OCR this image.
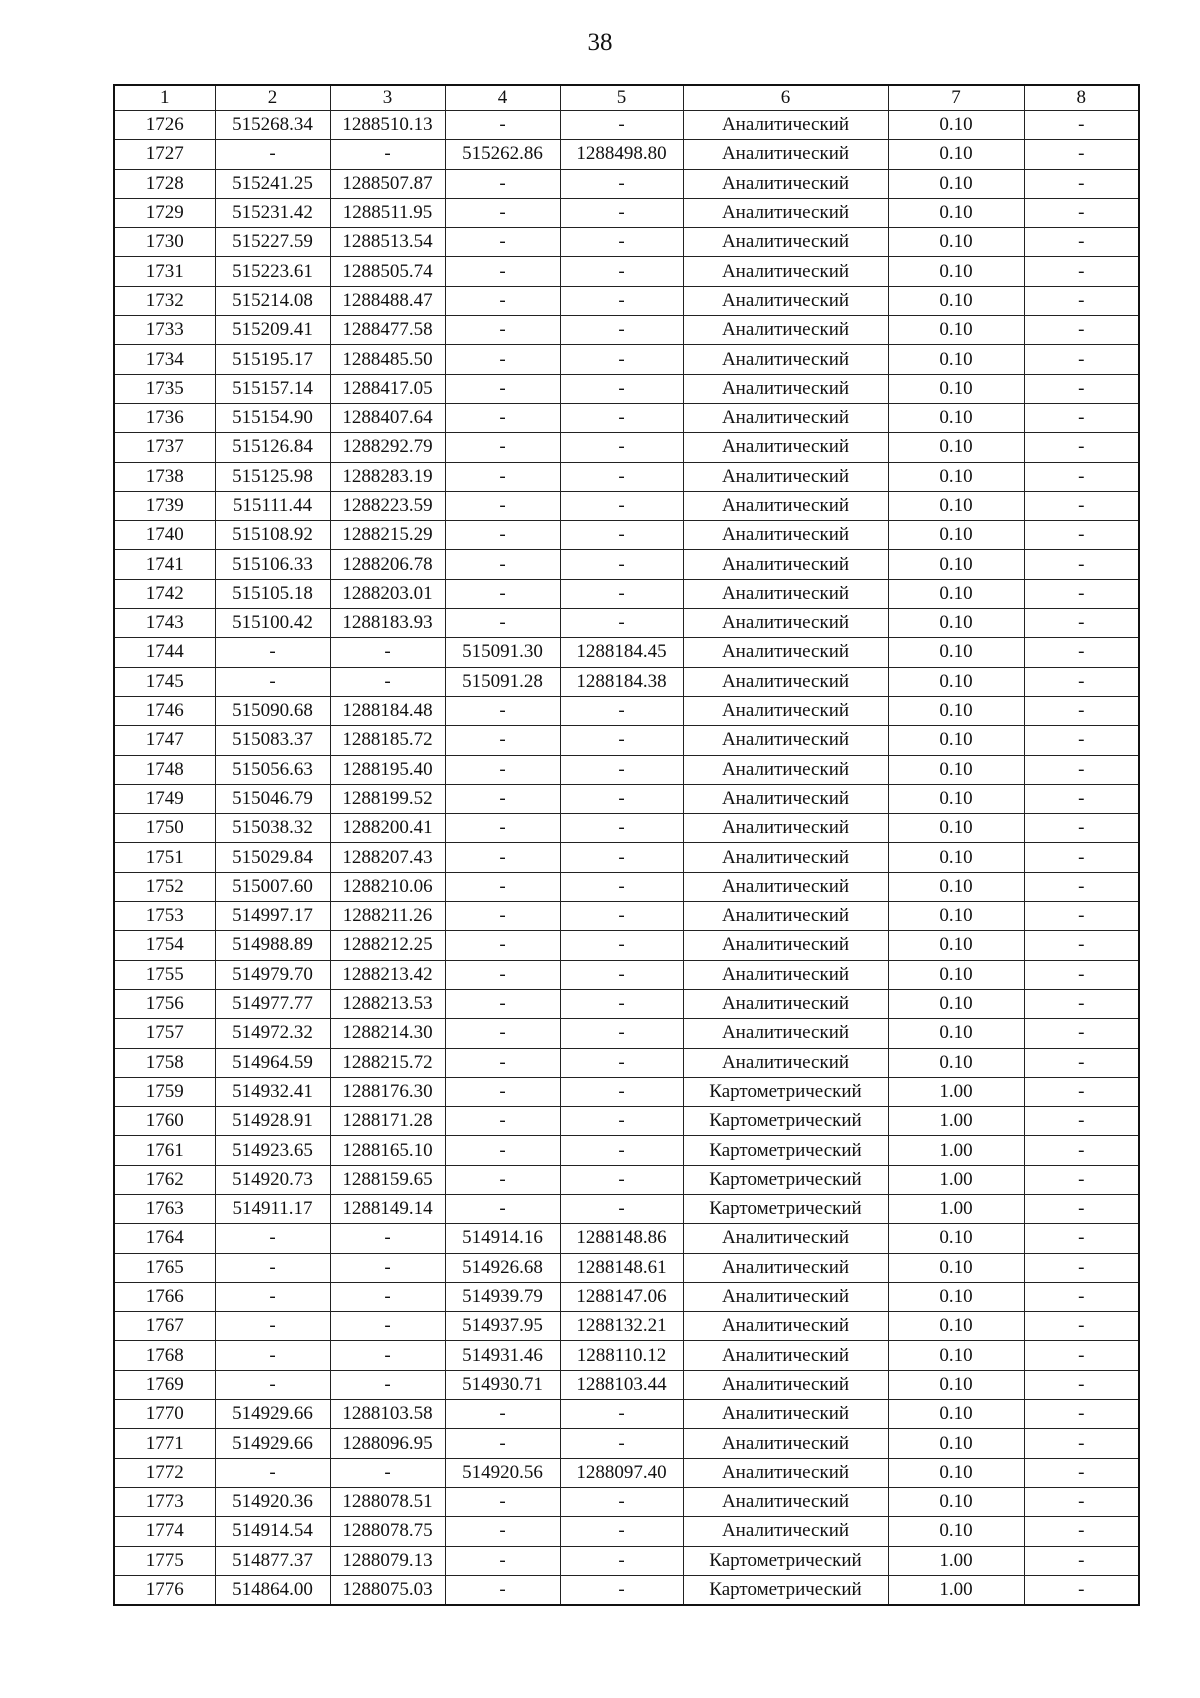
38
1	2	3	4	5	6	7	8
1726	515268.34	1288510.13	-	-	Аналитический	0.10	-
1727	-	-	515262.86	1288498.80	Аналитический	0.10	-
1728	515241.25	1288507.87	-	-	Аналитический	0.10	-
1729	515231.42	1288511.95	-	-	Аналитический	0.10	-
1730	515227.59	1288513.54	-	-	Аналитический	0.10	-
1731	515223.61	1288505.74	-	-	Аналитический	0.10	-
1732	515214.08	1288488.47	-	-	Аналитический	0.10	-
1733	515209.41	1288477.58	-	-	Аналитический	0.10	-
1734	515195.17	1288485.50	-	-	Аналитический	0.10	-
1735	515157.14	1288417.05	-	-	Аналитический	0.10	-
1736	515154.90	1288407.64	-	-	Аналитический	0.10	-
1737	515126.84	1288292.79	-	-	Аналитический	0.10	-
1738	515125.98	1288283.19	-	-	Аналитический	0.10	-
1739	515111.44	1288223.59	-	-	Аналитический	0.10	-
1740	515108.92	1288215.29	-	-	Аналитический	0.10	-
1741	515106.33	1288206.78	-	-	Аналитический	0.10	-
1742	515105.18	1288203.01	-	-	Аналитический	0.10	-
1743	515100.42	1288183.93	-	-	Аналитический	0.10	-
1744	-	-	515091.30	1288184.45	Аналитический	0.10	-
1745	-	-	515091.28	1288184.38	Аналитический	0.10	-
1746	515090.68	1288184.48	-	-	Аналитический	0.10	-
1747	515083.37	1288185.72	-	-	Аналитический	0.10	-
1748	515056.63	1288195.40	-	-	Аналитический	0.10	-
1749	515046.79	1288199.52	-	-	Аналитический	0.10	-
1750	515038.32	1288200.41	-	-	Аналитический	0.10	-
1751	515029.84	1288207.43	-	-	Аналитический	0.10	-
1752	515007.60	1288210.06	-	-	Аналитический	0.10	-
1753	514997.17	1288211.26	-	-	Аналитический	0.10	-
1754	514988.89	1288212.25	-	-	Аналитический	0.10	-
1755	514979.70	1288213.42	-	-	Аналитический	0.10	-
1756	514977.77	1288213.53	-	-	Аналитический	0.10	-
1757	514972.32	1288214.30	-	-	Аналитический	0.10	-
1758	514964.59	1288215.72	-	-	Аналитический	0.10	-
1759	514932.41	1288176.30	-	-	Картометрический	1.00	-
1760	514928.91	1288171.28	-	-	Картометрический	1.00	-
1761	514923.65	1288165.10	-	-	Картометрический	1.00	-
1762	514920.73	1288159.65	-	-	Картометрический	1.00	-
1763	514911.17	1288149.14	-	-	Картометрический	1.00	-
1764	-	-	514914.16	1288148.86	Аналитический	0.10	-
1765	-	-	514926.68	1288148.61	Аналитический	0.10	-
1766	-	-	514939.79	1288147.06	Аналитический	0.10	-
1767	-	-	514937.95	1288132.21	Аналитический	0.10	-
1768	-	-	514931.46	1288110.12	Аналитический	0.10	-
1769	-	-	514930.71	1288103.44	Аналитический	0.10	-
1770	514929.66	1288103.58	-	-	Аналитический	0.10	-
1771	514929.66	1288096.95	-	-	Аналитический	0.10	-
1772	-	-	514920.56	1288097.40	Аналитический	0.10	-
1773	514920.36	1288078.51	-	-	Аналитический	0.10	-
1774	514914.54	1288078.75	-	-	Аналитический	0.10	-
1775	514877.37	1288079.13	-	-	Картометрический	1.00	-
1776	514864.00	1288075.03	-	-	Картометрический	1.00	-
